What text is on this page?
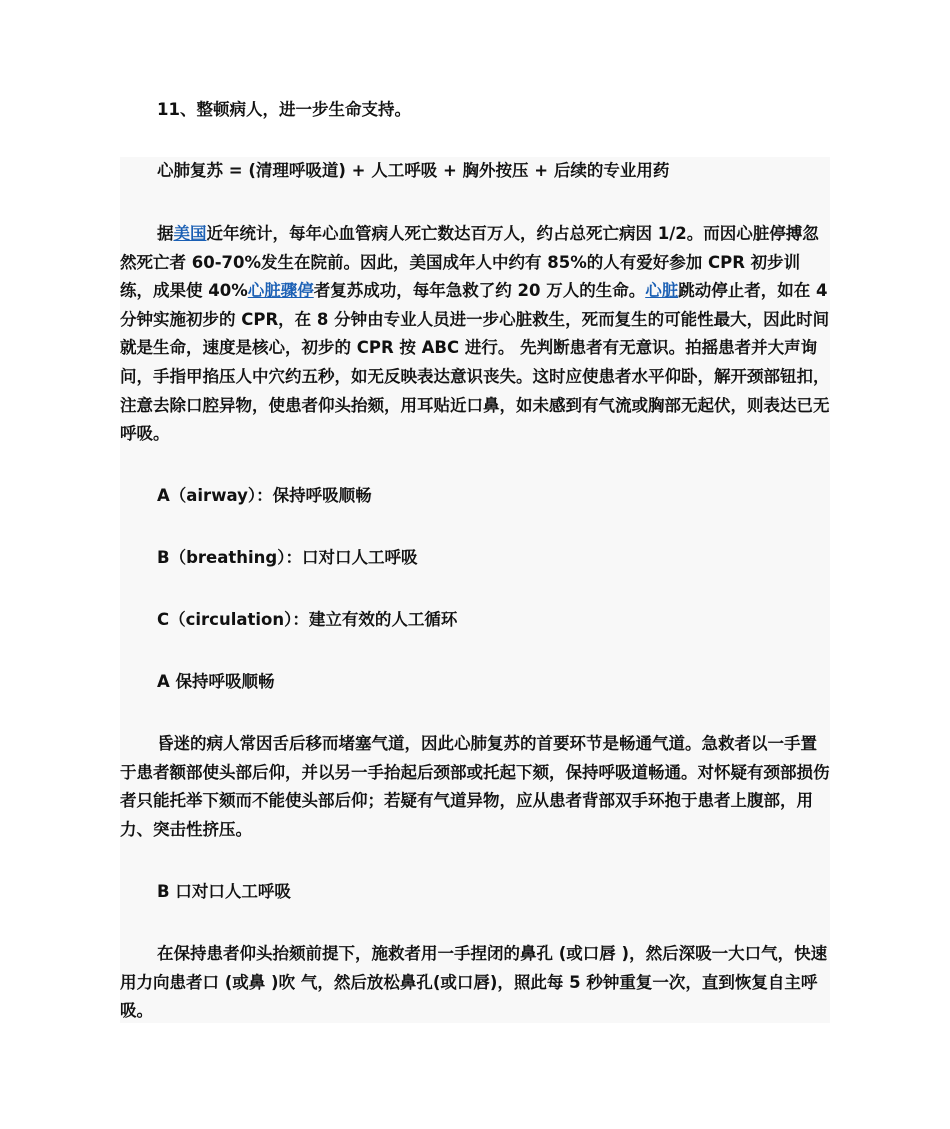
11、整顿病人，进一步生命支持。

心肺复苏 = (清理呼吸道) + 人工呼吸 + 胸外按压 + 后续的专业用药

据美国近年统计，每年心血管病人死亡数达百万人，约占总死亡病因 1/2。而因心脏停搏忽然死亡者 60-70%发生在院前。因此，美国成年人中约有 85%的人有爱好参加 CPR 初步训练，成果使 40%心脏骤停者复苏成功，每年急救了约 20 万人的生命。心脏跳动停止者，如在 4 分钟实施初步的 CPR，在 8 分钟由专业人员进一步心脏救生，死而复生的可能性最大，因此时间就是生命，速度是核心，初步的 CPR 按 ABC 进行。 先判断患者有无意识。拍摇患者并大声询问，手指甲掐压人中穴约五秒，如无反映表达意识丧失。这时应使患者水平仰卧，解开颈部钮扣，注意去除口腔异物，使患者仰头抬颏，用耳贴近口鼻，如未感到有气流或胸部无起伏，则表达已无呼吸。

A（airway）：保持呼吸顺畅

B（breathing）：口对口人工呼吸

C（circulation）：建立有效的人工循环

A 保持呼吸顺畅

昏迷的病人常因舌后移而堵塞气道，因此心肺复苏的首要环节是畅通气道。急救者以一手置于患者额部使头部后仰，并以另一手抬起后颈部或托起下颏，保持呼吸道畅通。对怀疑有颈部损伤者只能托举下颏而不能使头部后仰；若疑有气道异物，应从患者背部双手环抱于患者上腹部，用力、突击性挤压。

B 口对口人工呼吸

在保持患者仰头抬颏前提下，施救者用一手捏闭的鼻孔 (或口唇 )，然后深吸一大口气，快速用力向患者口 (或鼻 )吹 气，然后放松鼻孔(或口唇)，照此每 5 秒钟重复一次，直到恢复自主呼吸。
